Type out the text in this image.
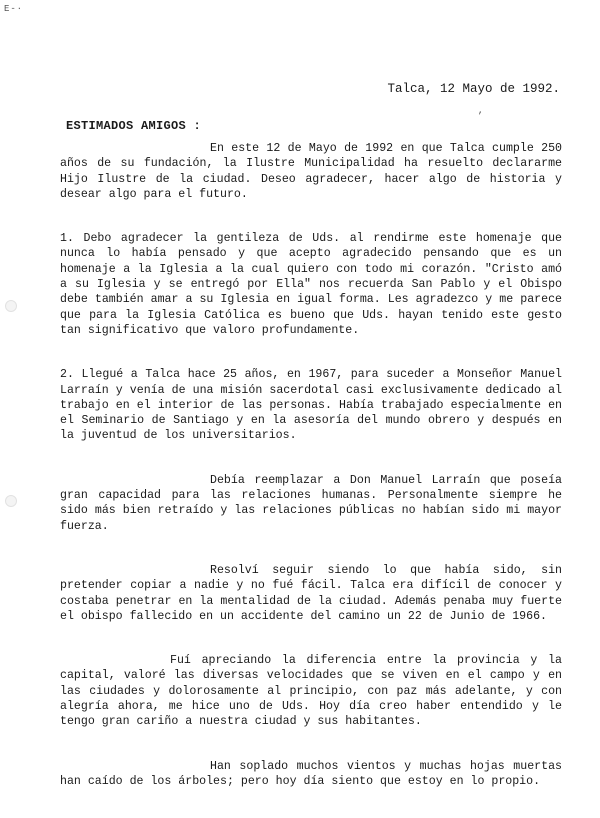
E-∙
Talca, 12 Mayo de 1992.
,
ESTIMADOS AMIGOS :

En este 12 de Mayo de 1992 en que Talca cumple 250 años de su fundación, la Ilustre Municipalidad ha resuelto declararme Hijo Ilustre de la ciudad. Deseo agradecer, hacer algo de historia y desear algo para el futuro.

1. Debo agradecer la gentileza de Uds. al rendirme este homenaje que nunca lo había pensado y que acepto agradecido pensando que es un homenaje a la Iglesia a la cual quiero con todo mi corazón. "Cristo amó a su Iglesia y se entregó por Ella" nos recuerda San Pablo y el Obispo debe también amar a su Iglesia en igual forma. Les agradezco y me parece que para la Iglesia Católica es bueno que Uds. hayan tenido este gesto tan significativo que valoro profundamente.

2. Llegué a Talca hace 25 años, en 1967, para suceder a Monseñor Manuel Larraín y venía de una misión sacerdotal casi exclusivamente dedicado al trabajo en el interior de las personas. Había trabajado especialmente en el Seminario de Santiago y en la asesoría del mundo obrero y después en la juventud de los universitarios.

Debía reemplazar a Don Manuel Larraín que poseía gran capacidad para las relaciones humanas. Personalmente siempre he sido más bien retraído y las relaciones públicas no habían sido mi mayor fuerza.

Resolví seguir siendo lo que había sido, sin pretender copiar a nadie y no fué fácil. Talca era difícil de conocer y costaba penetrar en la mentalidad de la ciudad. Además penaba muy fuerte el obispo fallecido en un accidente del camino un 22 de Junio de 1966.

Fuí apreciando la diferencia entre la provincia y la capital, valoré las diversas velocidades que se viven en el campo y en las ciudades y dolorosamente al principio, con paz más adelante, y con alegría ahora, me hice uno de Uds. Hoy día creo haber entendido y le tengo gran cariño a nuestra ciudad y sus habitantes.

Han soplado muchos vientos y muchas hojas muertas han caído de los árboles; pero hoy día siento que estoy en lo propio.
